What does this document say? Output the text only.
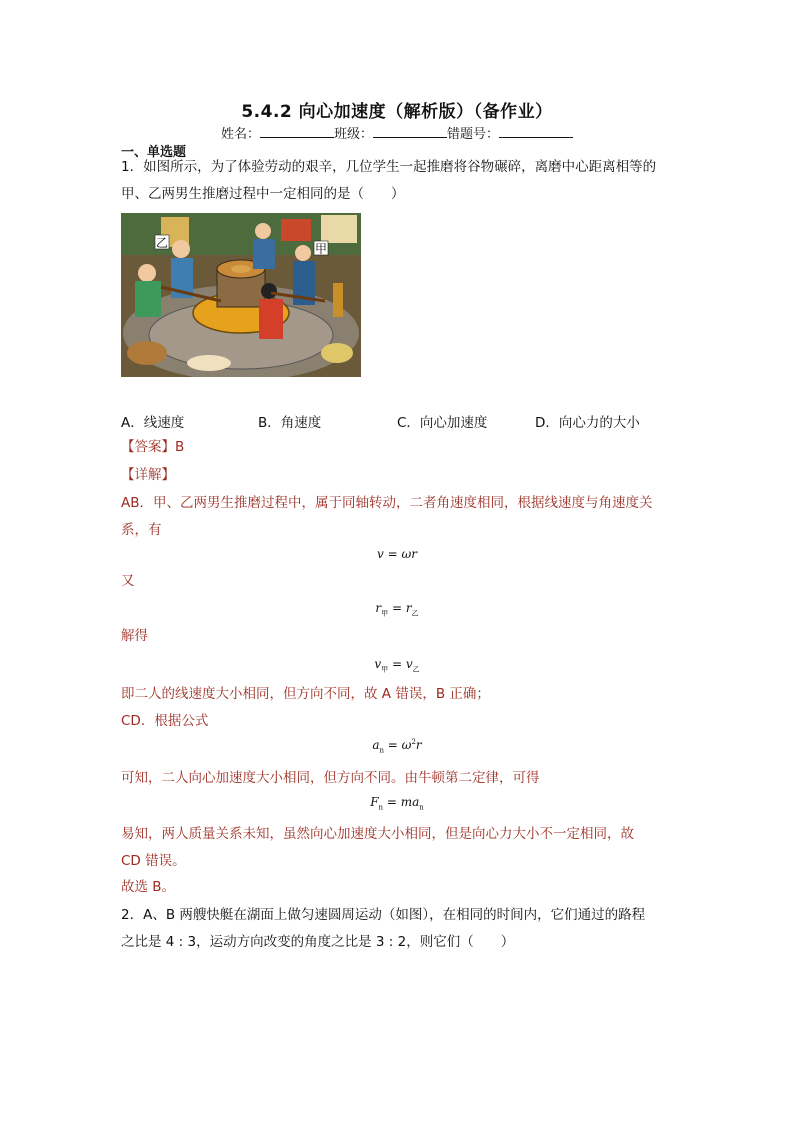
5.4.2 向心加速度（解析版）（备作业）
姓名：	班级：	错题号：
一、单选题
1．如图所示，为了体验劳动的艰辛，几位学生一起推磨将谷物碾碎，离磨中心距离相等的
甲、乙两男生推磨过程中一定相同的是（　　）
乙	甲
A．线速度	B．角速度	C．向心加速度	D．向心力的大小
【答案】B
【详解】
AB．甲、乙两男生推磨过程中，属于同轴转动，二者角速度相同，根据线速度与角速度关
系，有
v = ωr
又
$r_甲 = r_乙$
解得
$v_甲 = v_乙$
即二人的线速度大小相同，但方向不同，故 A 错误，B 正确；
CD．根据公式
$a_n = \omega^2r$
可知，二人向心加速度大小相同，但方向不同。由牛顿第二定律，可得
$F_n = ma_n$
易知，两人质量关系未知，虽然向心加速度大小相同，但是向心力大小不一定相同，故
CD 错误。
故选 B。
2．A、B 两艘快艇在湖面上做匀速圆周运动（如图），在相同的时间内，它们通过的路程
之比是 4 : 3，运动方向改变的角度之比是 3 : 2，则它们（　　）
